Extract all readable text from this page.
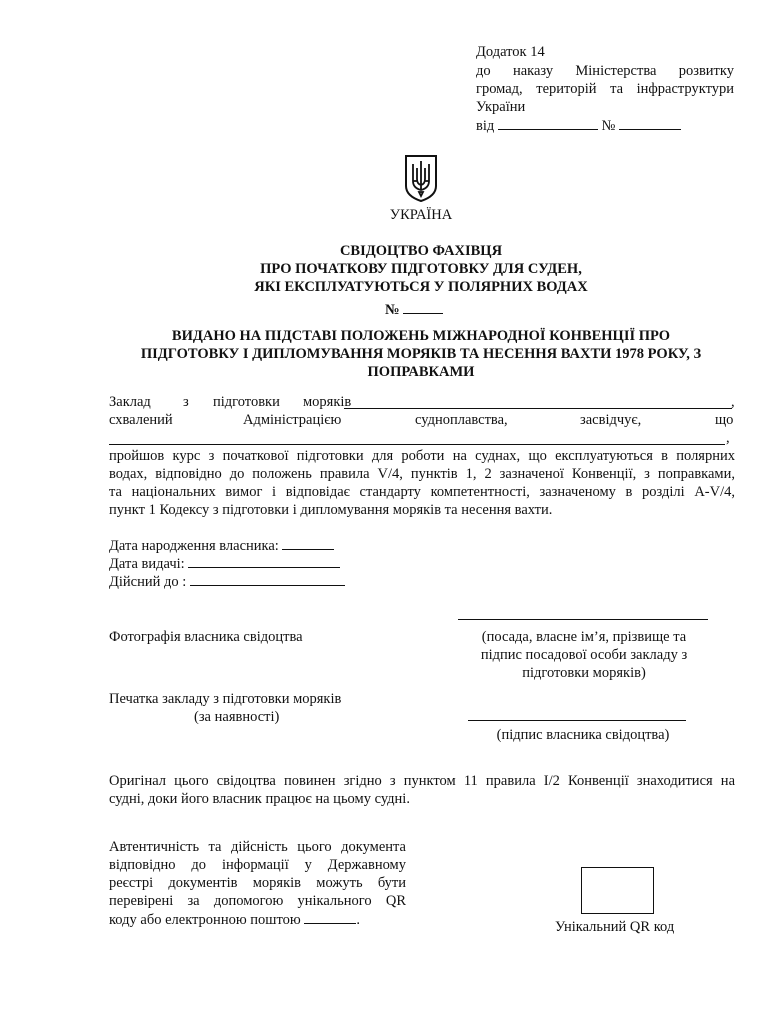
Додаток 14
до наказу Міністерства розвитку
громад, територій та інфраструктури
України
від	№
УКРАЇНА
СВІДОЦТВО ФАХІВЦЯ
ПРО ПОЧАТКОВУ ПІДГОТОВКУ ДЛЯ СУДЕН,
ЯКІ ЕКСПЛУАТУЮТЬСЯ У ПОЛЯРНИХ ВОДАХ
№
ВИДАНО НА ПІДСТАВІ ПОЛОЖЕНЬ МІЖНАРОДНОЇ КОНВЕНЦІЇ ПРО
ПІДГОТОВКУ І ДИПЛОМУВАННЯ МОРЯКІВ ТА НЕСЕННЯ ВАХТИ 1978 РОКУ, З
ПОПРАВКАМИ
Заклад з підготовки моряків	,
схвалений	Адміністрацією	судноплавства,	засвідчує,	що
,
пройшов курс з початкової підготовки для роботи на суднах, що експлуатуються в полярних
водах, відповідно до положень правила V/4, пунктів 1, 2 зазначеної Конвенції, з поправками,
та національних вимог і відповідає стандарту компетентності, зазначеному в розділі A-V/4,
пункт 1 Кодексу з підготовки і дипломування моряків та несення вахти.
Дата народження власника:
Дата видачі:
Дійсний до :
Фотографія власника свідоцтва	(посада, власне ім’я, прізвище та
підпис посадової особи закладу з
підготовки моряків)
Печатка закладу з підготовки моряків
(за наявності)
(підпис власника свідоцтва)
Оригінал цього свідоцтва повинен згідно з пунктом 11 правила I/2 Конвенції знаходитися на
судні, доки його власник працює на цьому судні.
Автентичність та дійсність цього документа
відповідно до інформації у Державному
реєстрі документів моряків можуть бути
перевірені за допомогою унікального QR
коду або електронною поштою	.	Унікальний QR код
